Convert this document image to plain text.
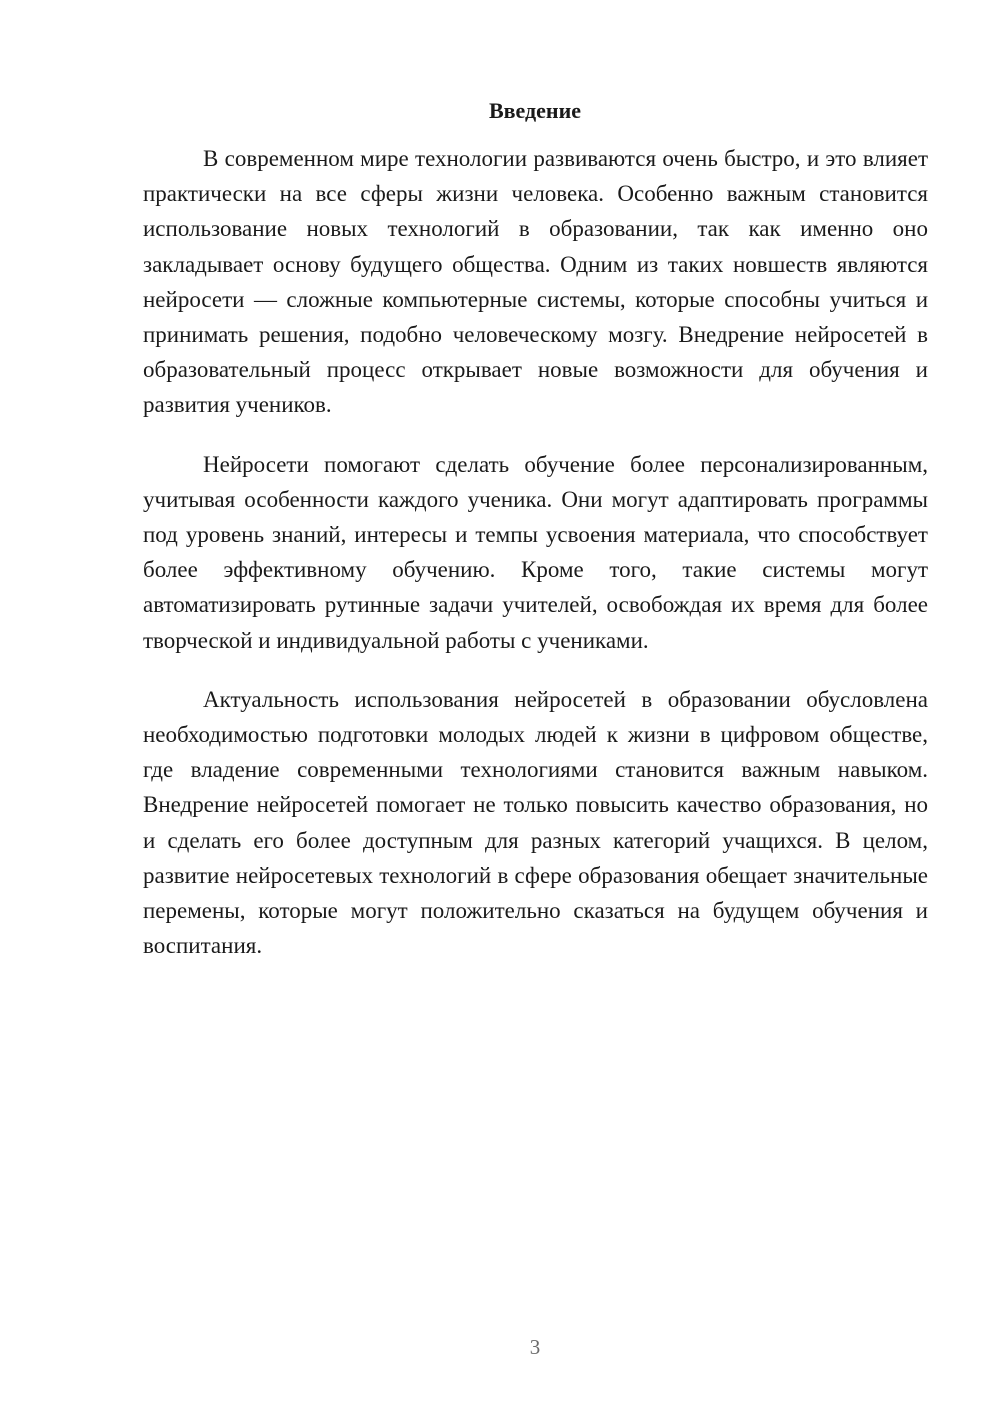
Введение

В современном мире технологии развиваются очень быстро, и это влияет практически на все сферы жизни человека. Особенно важным становится использование новых технологий в образовании, так как именно оно закладывает основу будущего общества. Одним из таких новшеств являются нейросети — сложные компьютерные системы, которые способны учиться и принимать решения, подобно человеческому мозгу. Внедрение нейросетей в образовательный процесс открывает новые возможности для обучения и развития учеников.

Нейросети помогают сделать обучение более персонализированным, учитывая особенности каждого ученика. Они могут адаптировать программы под уровень знаний, интересы и темпы усвоения материала, что способствует более эффективному обучению. Кроме того, такие системы могут автоматизировать рутинные задачи учителей, освобождая их время для более творческой и индивидуальной работы с учениками.

Актуальность использования нейросетей в образовании обусловлена необходимостью подготовки молодых людей к жизни в цифровом обществе, где владение современными технологиями становится важным навыком. Внедрение нейросетей помогает не только повысить качество образования, но и сделать его более доступным для разных категорий учащихся. В целом, развитие нейросетевых технологий в сфере образования обещает значительные перемены, которые могут положительно сказаться на будущем обучения и воспитания.

3
